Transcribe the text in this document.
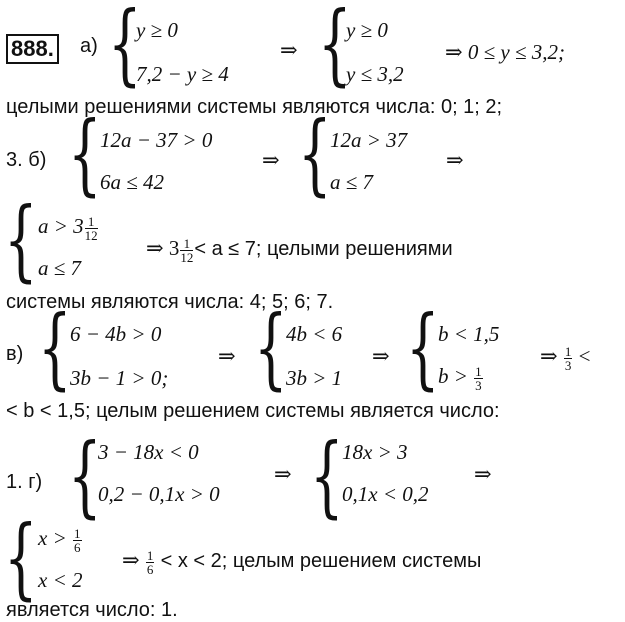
888. а) {
y ≥ 0
7,2 − y ≥ 4
⇒ {
y ≥ 0
y ≤ 3,2
⇒ 0 ≤ y ≤ 3,2;
целыми решениями системы являются числа: 0; 1; 2;
3. б) {
12a − 37 > 0
6a ≤ 42
⇒ {
12a > 37
a ≤ 7
⇒
{ $a > 3 \frac{1}{12}$
a ≤ 7
⇒ $3 \frac{1}{12} < a \le 7$; целыми решениями
системы являются числа: 4; 5; 6; 7.
в) {
6 − 4b > 0
3b − 1 > 0;
⇒ {
4b < 6
3b > 1
⇒ {
b < 1,5
$b > \frac{1}{3}$
⇒ $\frac{1}{3}$ <
< b < 1,5; целым решением системы является число:
1. г) {
3 − 18x < 0
0,2 − 0,1x > 0
⇒ {
18x > 3
0,1x < 0,2
⇒
{ $x > \frac{1}{6}$
x < 2
⇒ $\frac{1}{6} < x < 2$; целым решением системы
является число: 1.
